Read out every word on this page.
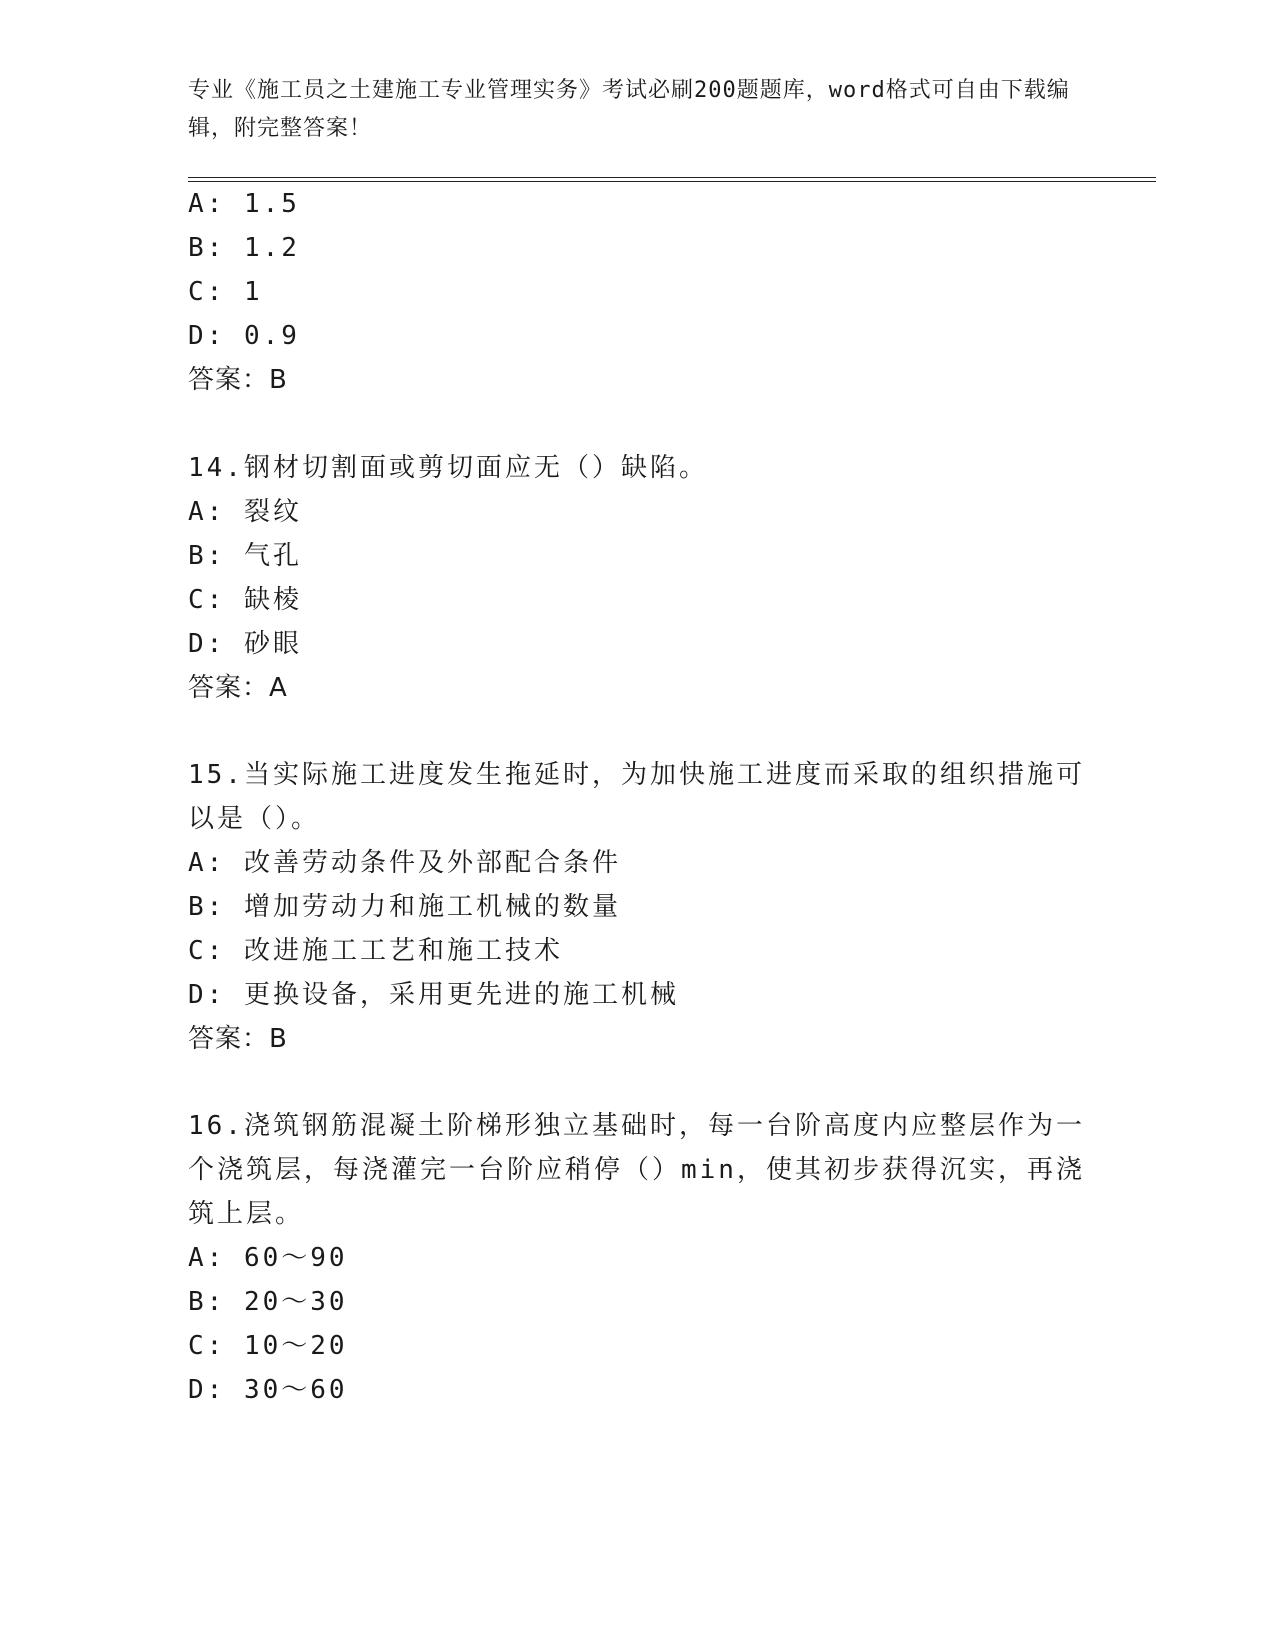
专业《施工员之土建施工专业管理实务》考试必刷200题题库，word格式可自由下载编辑，附完整答案！
A: 1.5
B: 1.2
C: 1
D: 0.9
答案：B
14.钢材切割面或剪切面应无（）缺陷。
A: 裂纹
B: 气孔
C: 缺棱
D: 砂眼
答案：A
15.当实际施工进度发生拖延时，为加快施工进度而采取的组织措施可
以是（）。
A: 改善劳动条件及外部配合条件
B: 增加劳动力和施工机械的数量
C: 改进施工工艺和施工技术
D: 更换设备，采用更先进的施工机械
答案：B
16.浇筑钢筋混凝土阶梯形独立基础时，每一台阶高度内应整层作为一
个浇筑层，每浇灌完一台阶应稍停（）min，使其初步获得沉实，再浇
筑上层。
A: 60～90
B: 20～30
C: 10～20
D: 30～60
